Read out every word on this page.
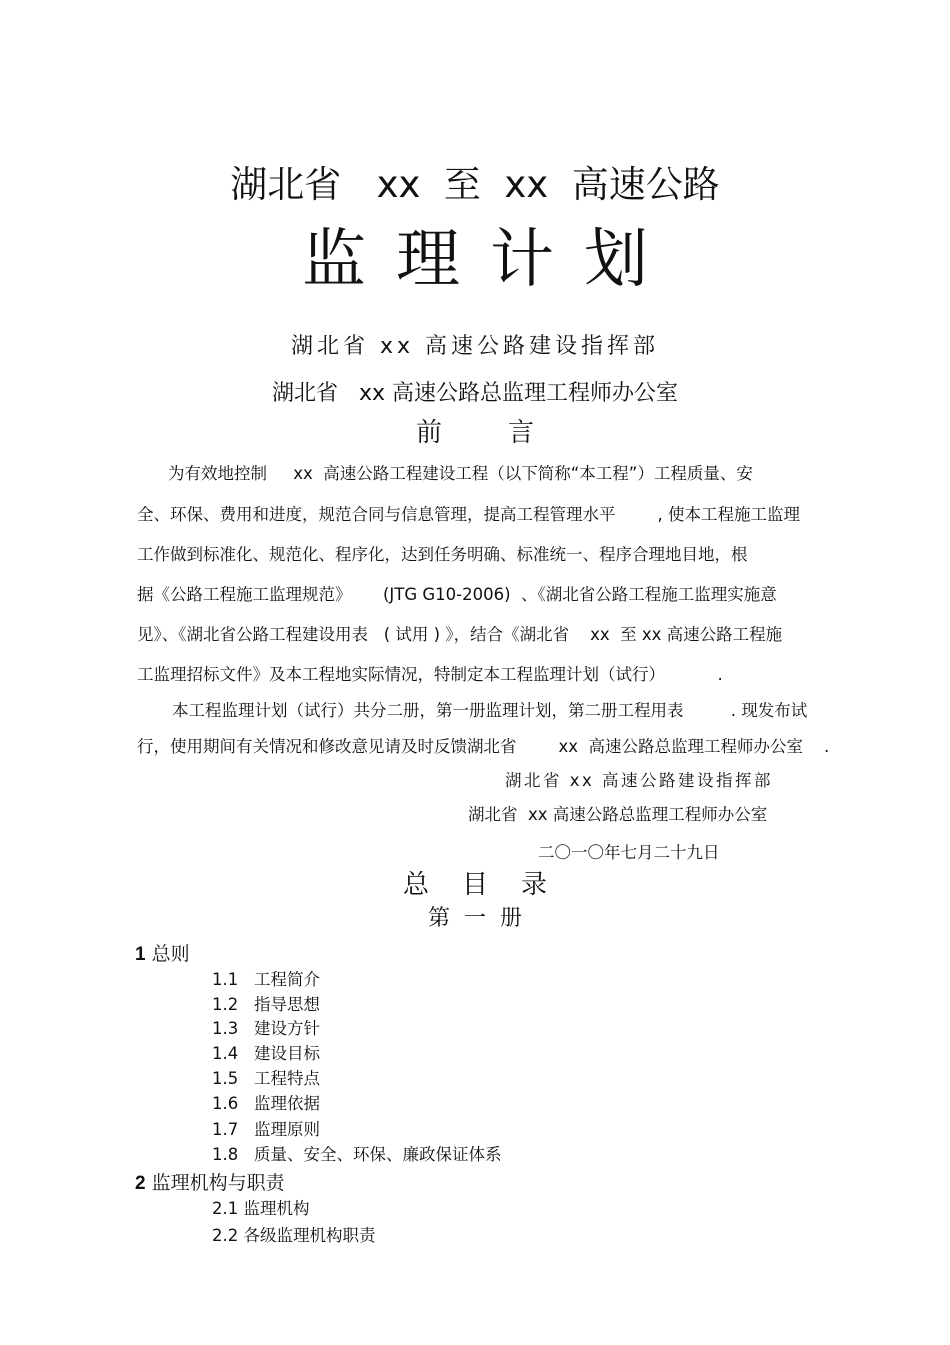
湖北省   xx  至  xx  高速公路
监理计划
湖北省 xx 高速公路建设指挥部
湖北省   xx 高速公路总监理工程师办公室
前        言
为有效地控制     xx  高速公路工程建设工程（以下简称“本工程”）工程质量、安
全、环保、费用和进度，规范合同与信息管理，提高工程管理水平        , 使本工程施工监理
工作做到标准化、规范化、程序化，达到任务明确、标准统一、程序合理地目地，根
据《公路工程施工监理规范》      (JTG G10-2006)  、《湖北省公路工程施工监理实施意
见》、《湖北省公路工程建设用表   ( 试用 ) 》，结合《湖北省    xx  至 xx 高速公路工程施
工监理招标文件》及本工程地实际情况，特制定本工程监理计划（试行）          .
本工程监理计划（试行）共分二册，第一册监理计划，第二册工程用表         . 现发布试
行，使用期间有关情况和修改意见请及时反馈湖北省        xx  高速公路总监理工程师办公室    .
湖北省 xx 高速公路建设指挥部
湖北省  xx 高速公路总监理工程师办公室
二〇一〇年七月二十九日
总    目    录
第  一  册
1 总则
1.1   工程简介
1.2   指导思想
1.3   建设方针
1.4   建设目标
1.5   工程特点
1.6   监理依据
1.7   监理原则
1.8   质量、安全、环保、廉政保证体系
2 监理机构与职责
2.1 监理机构
2.2 各级监理机构职责
